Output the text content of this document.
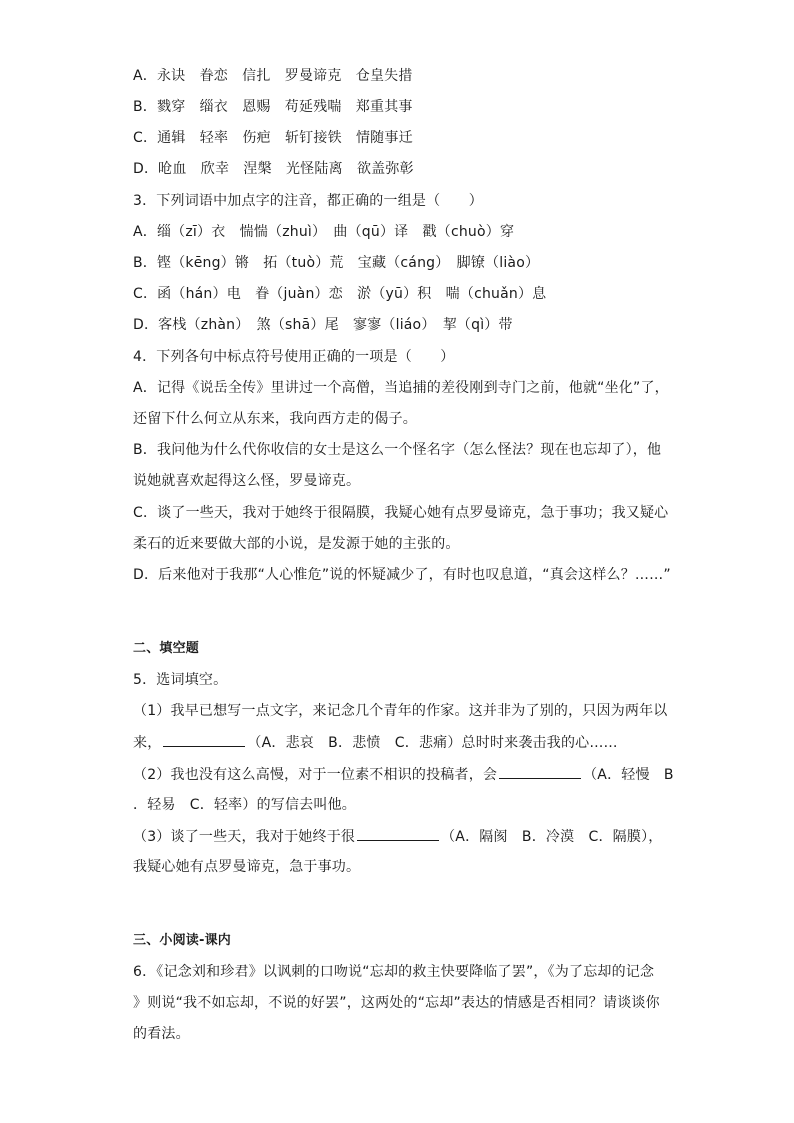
A．永诀　眷恋　信扎　罗曼谛克　仓皇失措
B．戮穿　缁衣　恩赐　苟延残喘　郑重其事
C．通辑　轻率　伤疤　斩钉接铁　情随事迁
D．呛血　欣幸　涅槃　光怪陆离　欲盖弥彰
3．下列词语中加点字的注音，都正确的一组是（　　）
A．缁（zī）衣　惴惴（zhuì）　曲（qū）译　戳（chuò）穿
B．铿（kēng）锵　拓（tuò）荒　宝藏（cáng）　脚镣（liào）
C．函（hán）电　眷（juàn）恋　淤（yū）积　喘（chuǎn）息
D．客栈（zhàn）　煞（shā）尾　寥寥（liáo）　挈（qì）带
4．下列各句中标点符号使用正确的一项是（　　）
A．记得《说岳全传》里讲过一个高僧，当追捕的差役刚到寺门之前，他就“坐化”了，
还留下什么何立从东来，我向西方走的偈子。
B．我问他为什么代你收信的女士是这么一个怪名字（怎么怪法？现在也忘却了），他
说她就喜欢起得这么怪，罗曼谛克。
C．谈了一些天，我对于她终于很隔膜，我疑心她有点罗曼谛克，急于事功；我又疑心
柔石的近来要做大部的小说，是发源于她的主张的。
D．后来他对于我那“人心惟危”说的怀疑减少了，有时也叹息道，“真会这样么？……”
二、填空题
5．选词填空。
（1）我早已想写一点文字，来记念几个青年的作家。这并非为了别的，只因为两年以
来，	（A．悲哀　B．悲愤　C．悲痛）总时时来袭击我的心……
（2）我也没有这么高慢，对于一位素不相识的投稿者，会	（A．轻慢　B
．轻易　C．轻率）的写信去叫他。
（3）谈了一些天，我对于她终于很	（A．隔阂　B．冷漠　C．隔膜），
我疑心她有点罗曼谛克，急于事功。
三、小阅读-课内
6．《记念刘和珍君》以讽刺的口吻说“忘却的救主快要降临了罢”，《为了忘却的记念
》则说“我不如忘却，不说的好罢”，这两处的“忘却”表达的情感是否相同？请谈谈你
的看法。
